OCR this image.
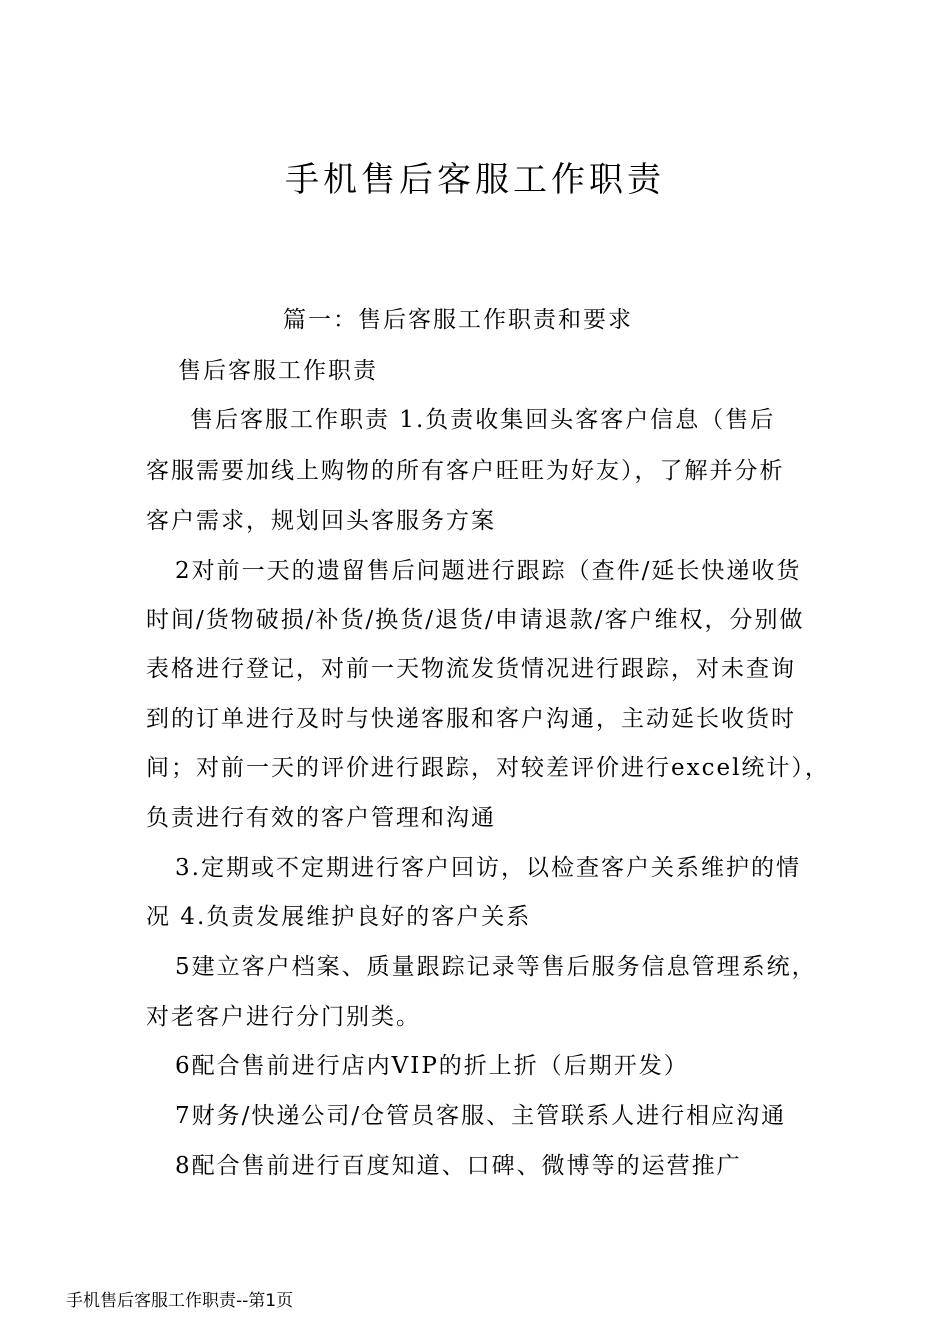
手机售后客服工作职责
篇一：售后客服工作职责和要求
售后客服工作职责
售后客服工作职责 1.负责收集回头客客户信息（售后
客服需要加线上购物的所有客户旺旺为好友），了解并分析
客户需求，规划回头客服务方案
2对前一天的遗留售后问题进行跟踪（查件/延长快递收货
时间/货物破损/补货/换货/退货/申请退款/客户维权，分别做
表格进行登记，对前一天物流发货情况进行跟踪，对未查询
到的订单进行及时与快递客服和客户沟通，主动延长收货时
间；对前一天的评价进行跟踪，对较差评价进行excel统计），
负责进行有效的客户管理和沟通
3.定期或不定期进行客户回访，以检查客户关系维护的情
况 4.负责发展维护良好的客户关系
5建立客户档案、质量跟踪记录等售后服务信息管理系统，
对老客户进行分门别类。
6配合售前进行店内VIP的折上折（后期开发）
7财务/快递公司/仓管员客服、主管联系人进行相应沟通
8配合售前进行百度知道、口碑、微博等的运营推广
手机售后客服工作职责--第1页
